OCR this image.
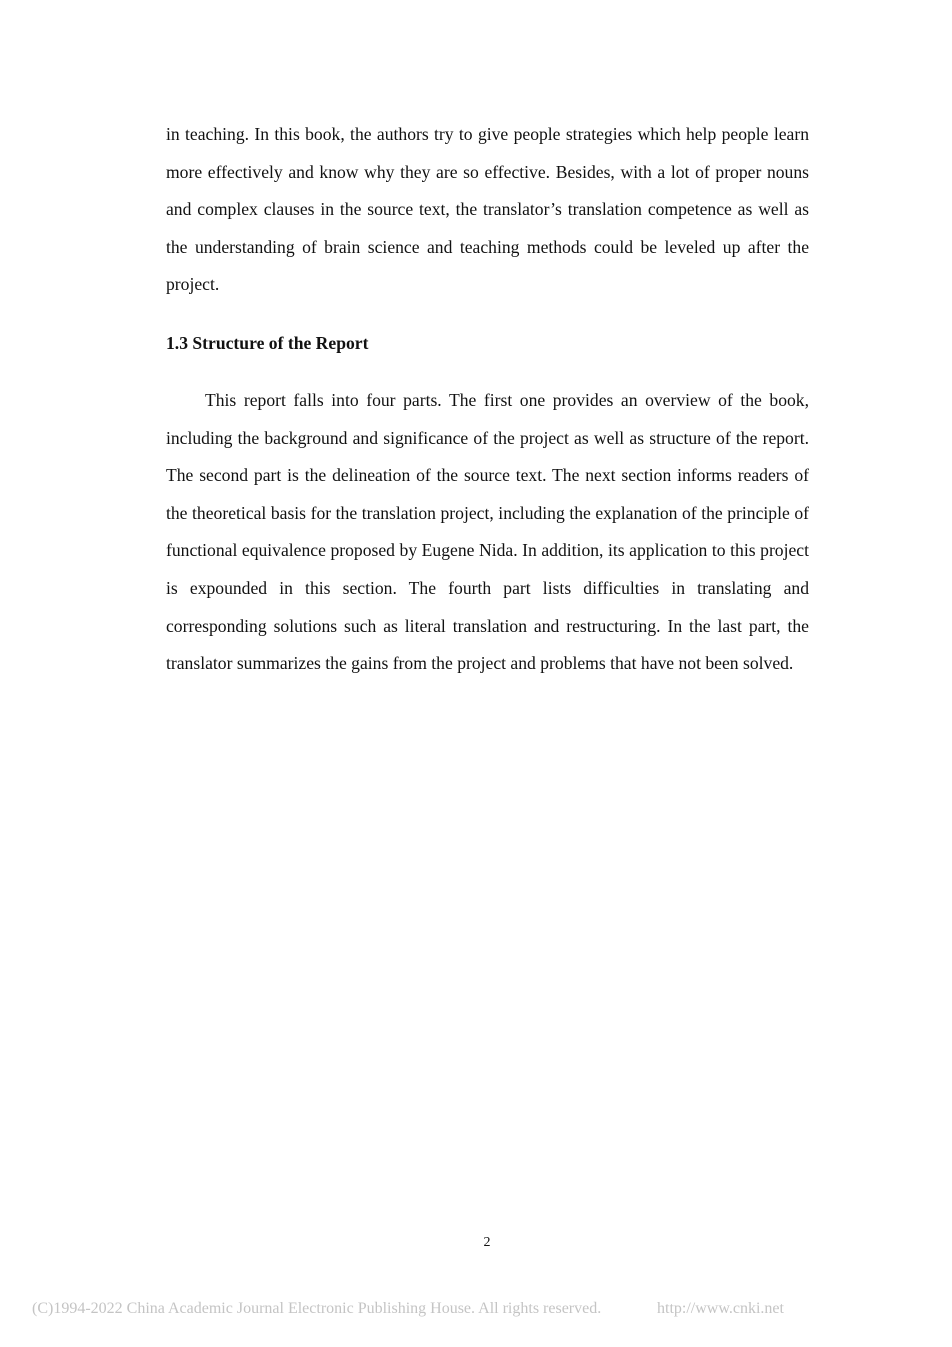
in teaching. In this book, the authors try to give people strategies which help people learn more effectively and know why they are so effective. Besides, with a lot of proper nouns and complex clauses in the source text, the translator’s translation competence as well as the understanding of brain science and teaching methods could be leveled up after the project.

1.3 Structure of the Report

This report falls into four parts. The first one provides an overview of the book, including the background and significance of the project as well as structure of the report. The second part is the delineation of the source text. The next section informs readers of the theoretical basis for the translation project, including the explanation of the principle of functional equivalence proposed by Eugene Nida. In addition, its application to this project is expounded in this section. The fourth part lists difficulties in translating and corresponding solutions such as literal translation and restructuring. In the last part, the translator summarizes the gains from the project and problems that have not been solved.

2
(C)1994-2022 China Academic Journal Electronic Publishing House. All rights reserved.	http://www.cnki.net
